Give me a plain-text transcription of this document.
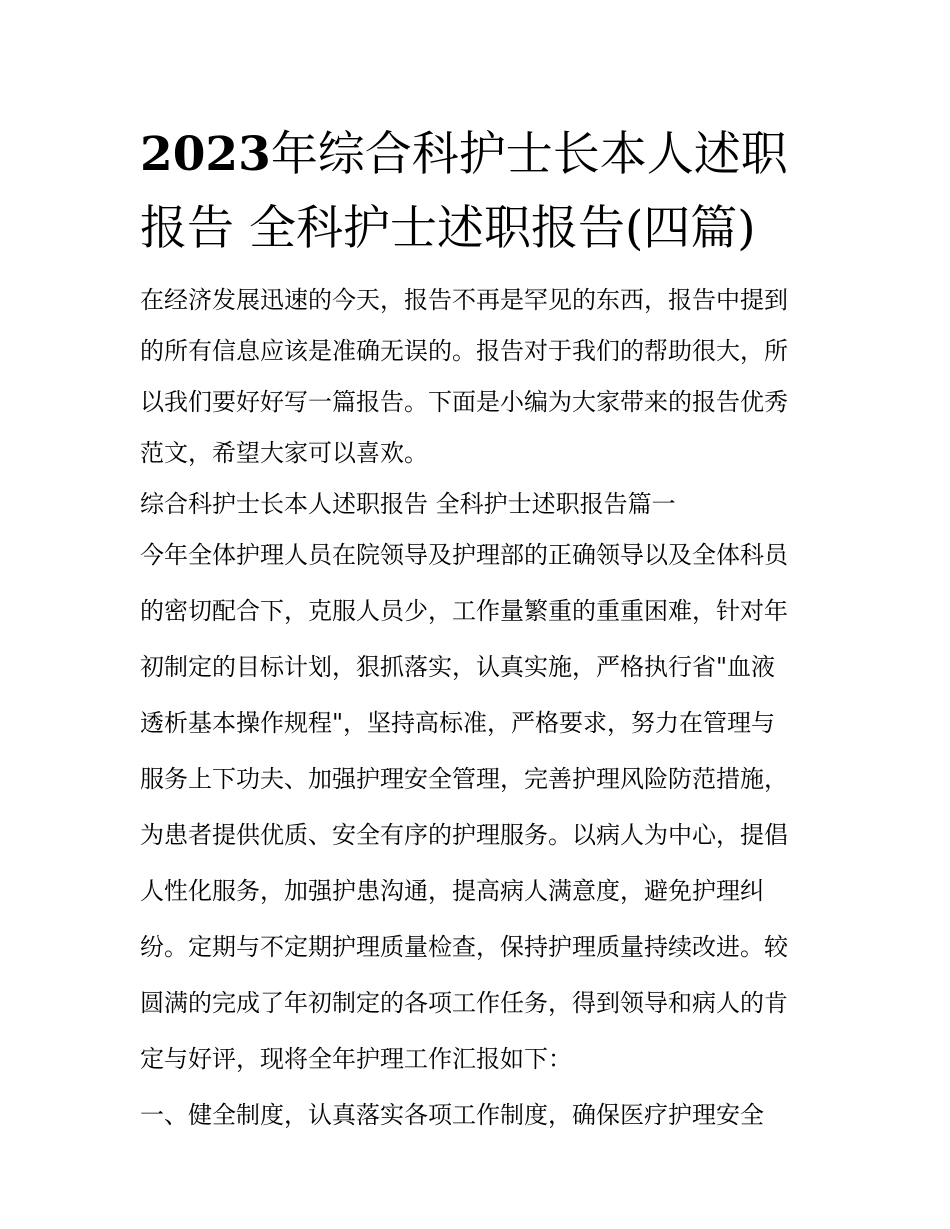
2023年综合科护士长本人述职
报告 全科护士述职报告(四篇)
在经济发展迅速的今天，报告不再是罕见的东西，报告中提到
的所有信息应该是准确无误的。报告对于我们的帮助很大，所
以我们要好好写一篇报告。下面是小编为大家带来的报告优秀
范文，希望大家可以喜欢。
综合科护士长本人述职报告 全科护士述职报告篇一
今年全体护理人员在院领导及护理部的正确领导以及全体科员
的密切配合下，克服人员少，工作量繁重的重重困难，针对年
初制定的目标计划，狠抓落实，认真实施，严格执行省"血液
透析基本操作规程"，坚持高标准，严格要求，努力在管理与
服务上下功夫、加强护理安全管理，完善护理风险防范措施，
为患者提供优质、安全有序的护理服务。以病人为中心，提倡
人性化服务，加强护患沟通，提高病人满意度，避免护理纠
纷。定期与不定期护理质量检查，保持护理质量持续改进。较
圆满的完成了年初制定的各项工作任务，得到领导和病人的肯
定与好评，现将全年护理工作汇报如下：
一、健全制度，认真落实各项工作制度，确保医疗护理安全
